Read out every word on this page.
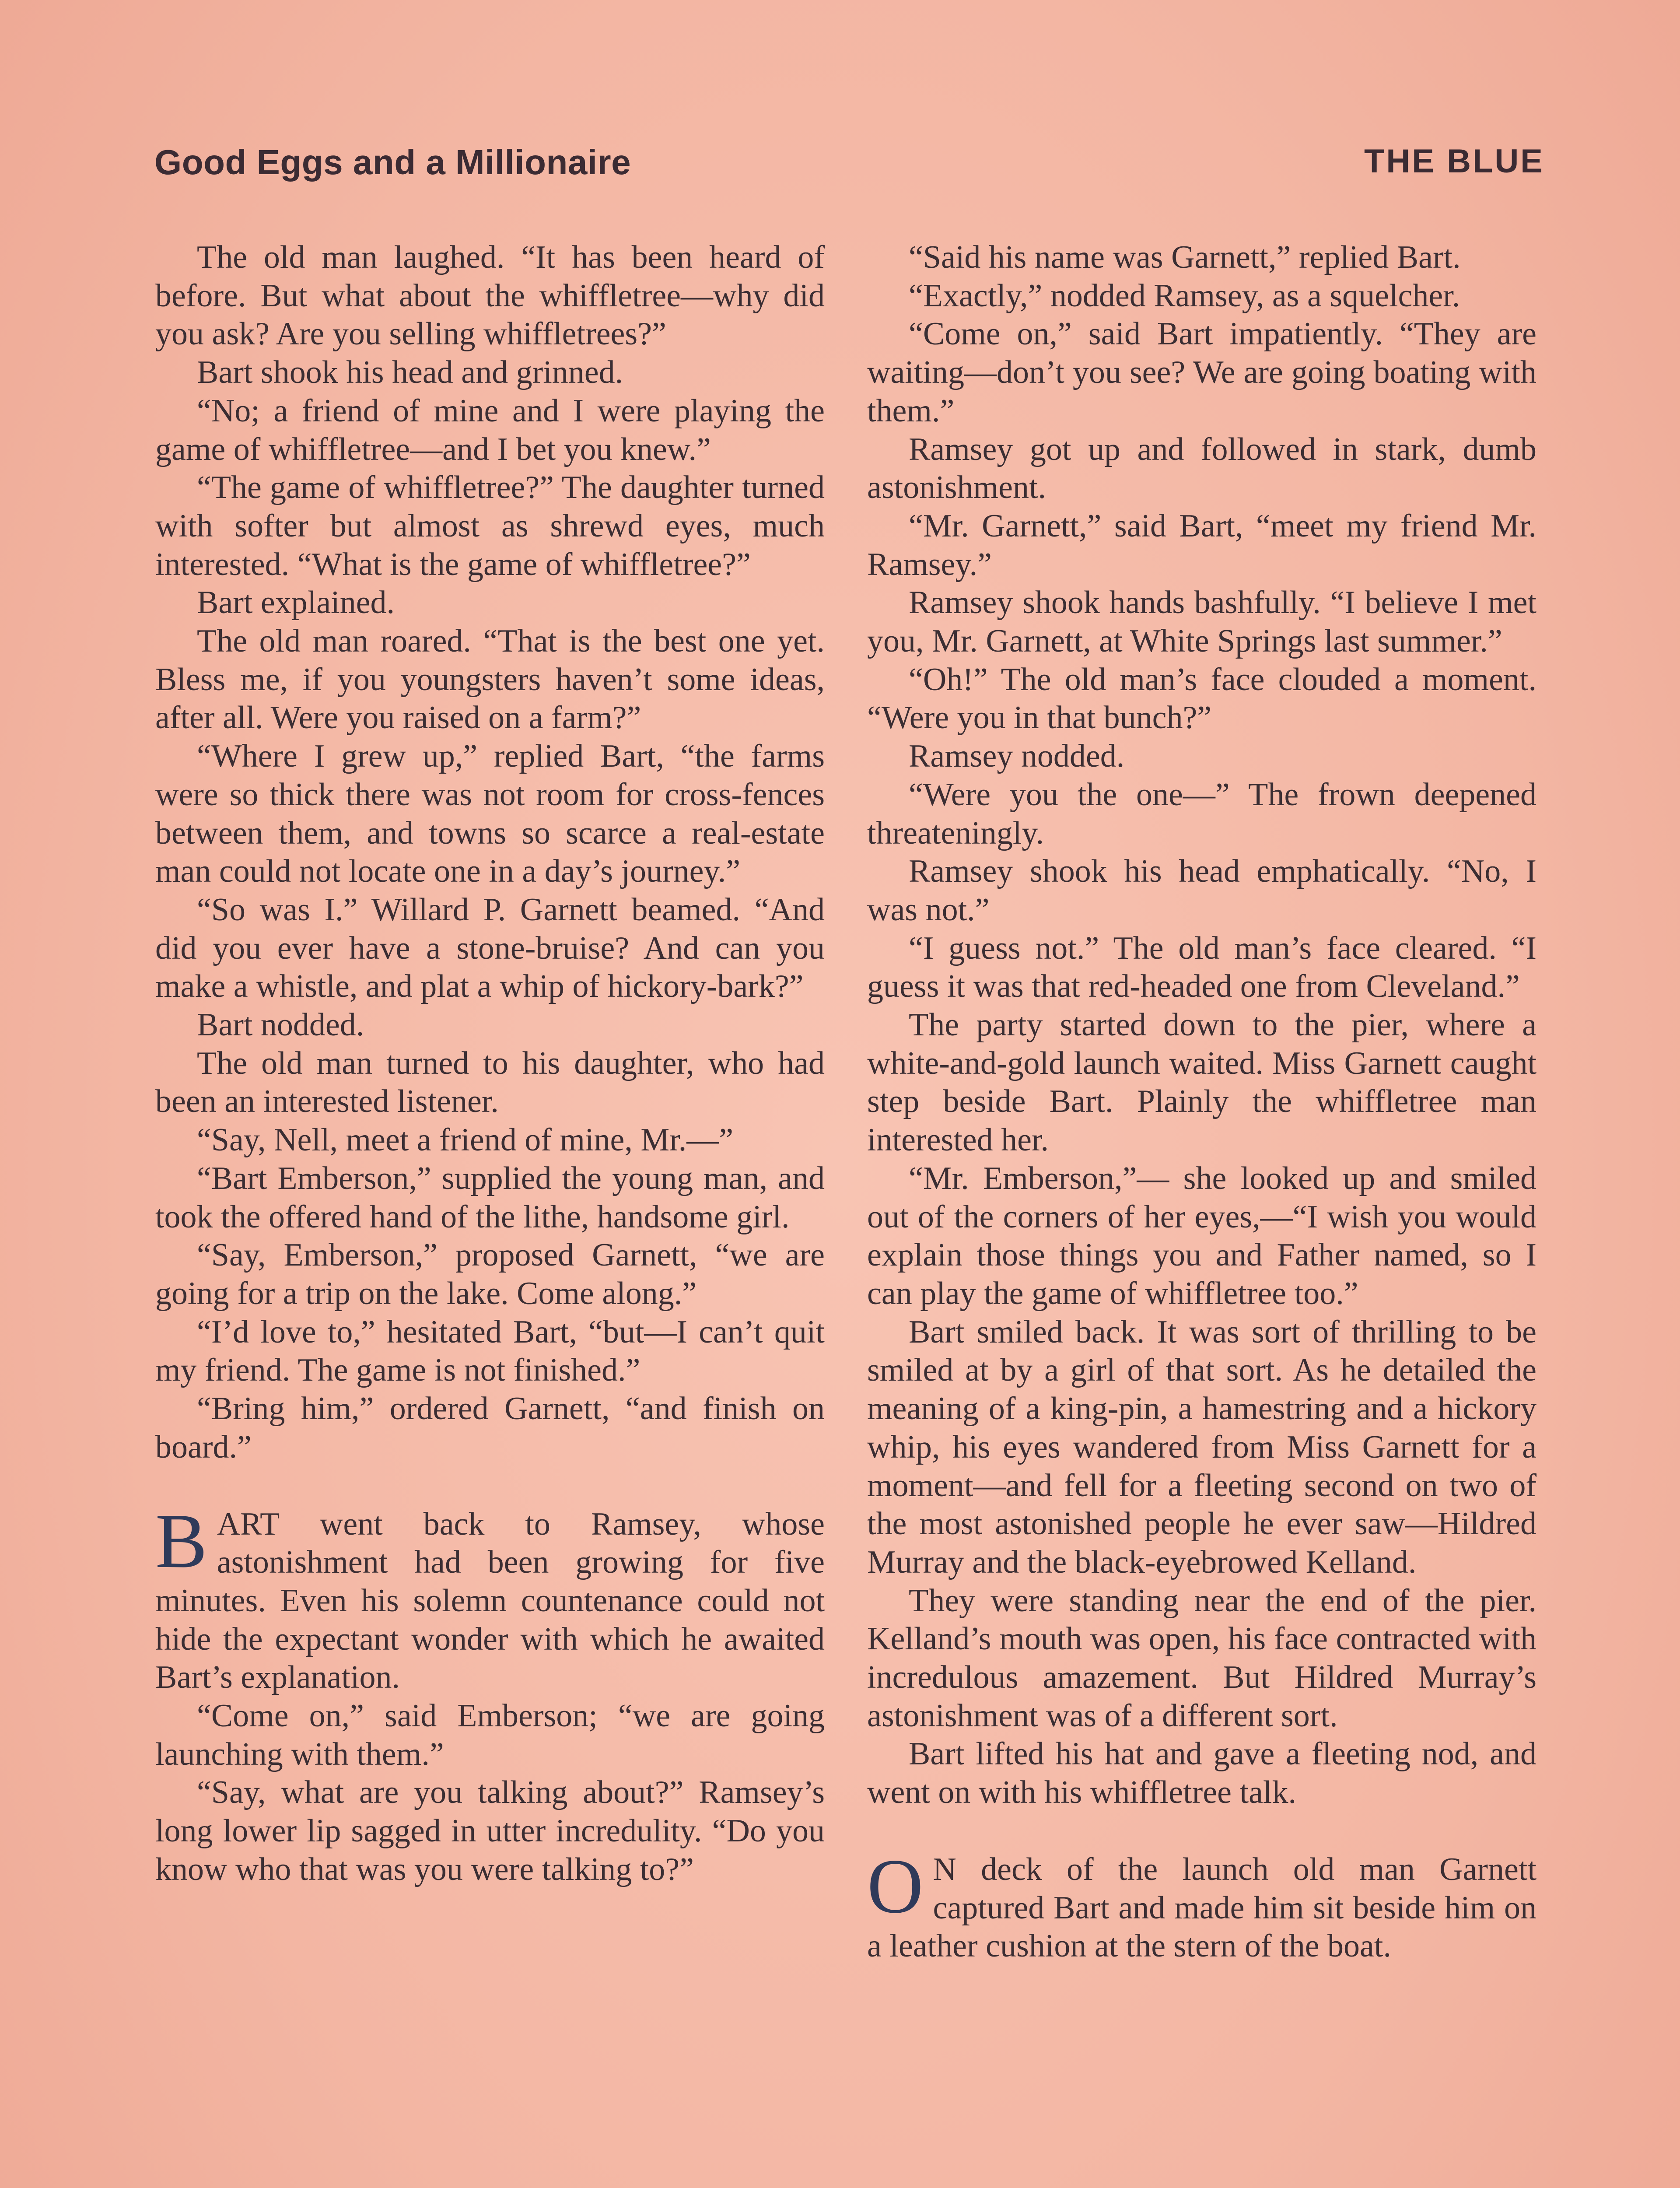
Good Eggs and a Millionaire	THE BLUE

The old man laughed. “It has been heard of before. But what about the whiffletree—why did you ask? Are you selling whiffletrees?”

Bart shook his head and grinned.

“No; a friend of mine and I were playing the game of whiffletree—and I bet you knew.”

“The game of whiffletree?” The daughter turned with softer but almost as shrewd eyes, much interested. “What is the game of whiffletree?”

Bart explained.

The old man roared. “That is the best one yet. Bless me, if you youngsters haven’t some ideas, after all. Were you raised on a farm?”

“Where I grew up,” replied Bart, “the farms were so thick there was not room for cross-fences between them, and towns so scarce a real-estate man could not locate one in a day’s journey.”

“So was I.” Willard P. Garnett beamed. “And did you ever have a stone-bruise? And can you make a whistle, and plat a whip of hickory-bark?”

Bart nodded.

The old man turned to his daughter, who had been an interested listener.

“Say, Nell, meet a friend of mine, Mr.—”

“Bart Emberson,” supplied the young man, and took the offered hand of the lithe, handsome girl.

“Say, Emberson,” proposed Garnett, “we are going for a trip on the lake. Come along.”

“I’d love to,” hesitated Bart, “but—I can’t quit my friend. The game is not finished.”

“Bring him,” ordered Garnett, “and finish on board.”

BART went back to Ramsey, whose astonishment had been growing for five minutes. Even his solemn countenance could not hide the expectant wonder with which he awaited Bart’s explanation.

“Come on,” said Emberson; “we are going launching with them.”

“Say, what are you talking about?” Ramsey’s long lower lip sagged in utter incredulity. “Do you know who that was you were talking to?”

“Said his name was Garnett,” replied Bart.

“Exactly,” nodded Ramsey, as a squelcher.

“Come on,” said Bart impatiently. “They are waiting—don’t you see? We are going boating with them.”

Ramsey got up and followed in stark, dumb astonishment.

“Mr. Garnett,” said Bart, “meet my friend Mr. Ramsey.”

Ramsey shook hands bashfully. “I believe I met you, Mr. Garnett, at White Springs last summer.”

“Oh!” The old man’s face clouded a moment. “Were you in that bunch?”

Ramsey nodded.

“Were you the one—” The frown deepened threateningly.

Ramsey shook his head emphatically. “No, I was not.”

“I guess not.” The old man’s face cleared. “I guess it was that red-headed one from Cleveland.”

The party started down to the pier, where a white-and-gold launch waited. Miss Garnett caught step beside Bart. Plainly the whiffletree man interested her.

“Mr. Emberson,”— she looked up and smiled out of the corners of her eyes,—“I wish you would explain those things you and Father named, so I can play the game of whiffletree too.”

Bart smiled back. It was sort of thrilling to be smiled at by a girl of that sort. As he detailed the meaning of a king-pin, a hamestring and a hickory whip, his eyes wandered from Miss Garnett for a moment—and fell for a fleeting second on two of the most astonished people he ever saw—Hildred Murray and the black-eyebrowed Kelland.

They were standing near the end of the pier. Kelland’s mouth was open, his face contracted with incredulous amazement. But Hildred Murray’s astonishment was of a different sort.

Bart lifted his hat and gave a fleeting nod, and went on with his whiffletree talk.

O N deck of the launch old man Garnett captured Bart and made him sit beside him on a leather cushion at the stern of the boat.
